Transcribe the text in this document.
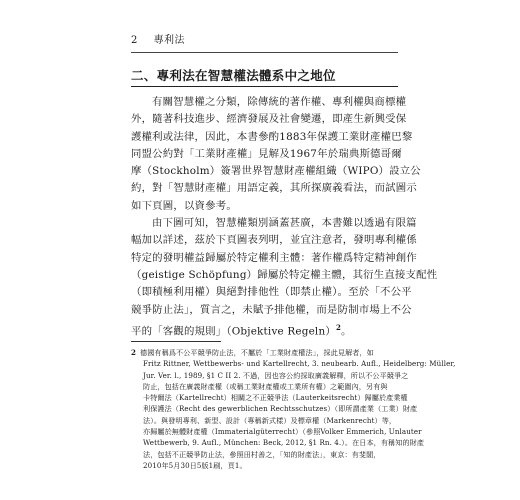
2 專利法
二、專利法在智慧權法體系中之地位
有關智慧權之分類，除傳統的著作權、專利權與商標權
外，隨著科技進步、經濟發展及社會變遷，即產生新興受保
護權利或法律，因此，本書參酌1883年保護工業財產權巴黎
同盟公約對「工業財產權」見解及1967年於瑞典斯德哥爾
摩（Stockholm）簽署世界智慧財產權組織（WIPO）設立公
約，對「智慧財產權」用語定義，其所探廣義看法，而試圖示
如下頁圖，以資參考。
由下圖可知，智慧權類別涵蓋甚廣，本書難以透過有限篇
幅加以詳述，茲於下頁圖表列明，並宜注意者，發明專利權係
特定的發明權益歸屬於特定權利主體：著作權爲特定精神創作
（geistige Schöpfung）歸屬於特定權主體，其衍生直接支配性
（即積極利用權）與絕對排他性（即禁止權）。至於「不公平
競爭防止法」，質言之，未賦予排他權，而是防制市場上不公
平的「客觀的規則」（Objektive Regeln）$^2$。
2 德國有稱爲不公平競爭防止法，不屬於「工業財產權法」，採此見解者，如
Fritz Rittner, Wettbewerbs- und Kartellrecht, 3. neubearb. Aufl., Heidelberg: Müller,
Jur. Ver. l., 1989, §1 C II 2. 不過，因也容公約採取廣義解釋，所以不公平競爭之
防止，包括在廣義財產權（或稱工業財產權或工業所有權）之範圍內，另有與
卡特爾法（Kartellrecht）相關之不正競爭法（Lauterkeitsrecht）歸屬於產業權
利保護法（Recht des gewerblichen Rechtsschutzes）（即所謂產業（工業）財產
法）。與發明專利、新型、設計（專稱新式樣）及標章權（Markenrecht）等，
亦歸屬於無體財產權（Immaterialgüterrecht）（參照Volker Emmerich, Unlauter
Wettbewerb, 9. Aufl., München: Beck, 2012, §1 Rn. 4.）。在日本，有稱知的財產
法，包括不正競爭防止法，參照田村善之，「知的財產法」，東京：有斐閣，
2010年5月30日5版1刷，頁1。
